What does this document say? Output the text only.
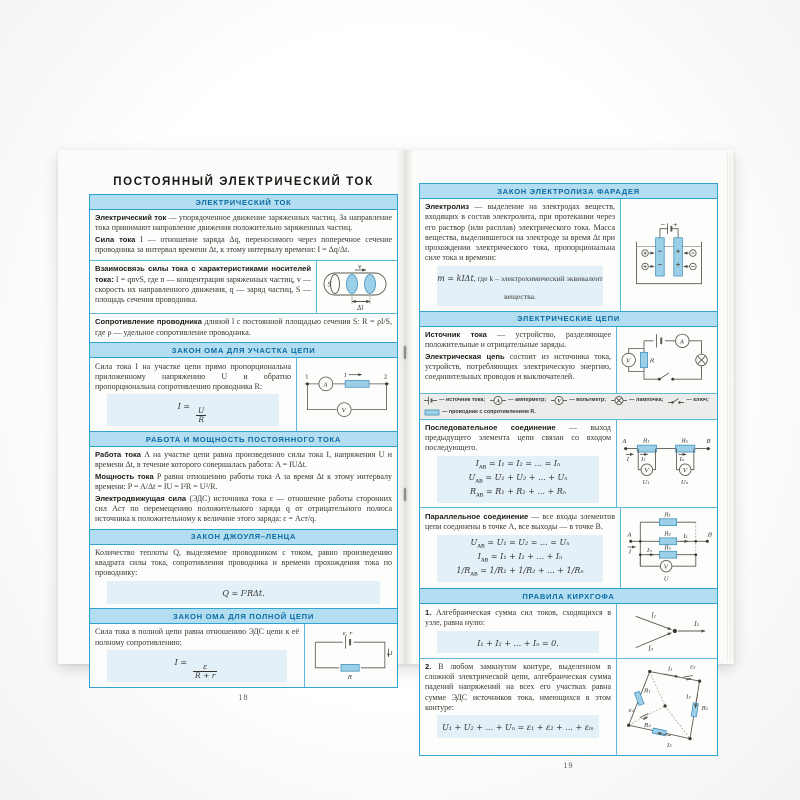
ПОСТОЯННЫЙ ЭЛЕКТРИЧЕСКИЙ ТОК
ЭЛЕКТРИЧЕСКИЙ ТОК

Электрический ток — упорядоченное движение заряженных частиц. За направление тока принимают направление движения положительно заряженных частиц.

Сила тока I — отношение заряда Δq, переносимого через поперечное сечение проводника за интервал времени Δt, к этому интервалу времени: I = Δq/Δt.

Взаимосвязь силы тока с характеристиками носителей тока: I = qnvS, где n — концентрация заряженных частиц, v — скорость их направленного движения, q — заряд частиц, S — площадь сечения проводника.

v
S
Δl

Сопротивление проводника длиной l с постоянной площадью сечения S: R = ρl/S, где ρ — удельное сопротивление проводника.

ЗАКОН ОМА ДЛЯ УЧАСТКА ЦЕПИ

Сила тока I на участке цепи прямо пропорциональна приложенному напряжению U и обратно пропорциональна сопротивлению проводника R:

I =
$\frac{U}{R}$
1	2
A
I
V
РАБОТА И МОЩНОСТЬ ПОСТОЯННОГО ТОКА

Работа тока A на участке цепи равна произведению силы тока I, напряжения U и времени Δt, в течение которого совершалась работа: A = IUΔt.

Мощность тока P равна отношению работы тока A за время Δt к этому интервалу времени: P = A/Δt = IU = I²R = U²/R.

Электродвижущая сила (ЭДС) источника тока ε — отношение работы сторонних сил Aст по перемещению положительного заряда q от отрицательного полюса источника к положительному к величине этого заряда: ε = Aст/q.

ЗАКОН ДЖОУЛЯ–ЛЕНЦА

Количество теплоты Q, выделяемое проводником с током, равно произведению квадрата силы тока, сопротивления проводника и времени прохождения тока по проводнику:

Q = I²RΔt.
ЗАКОН ОМА ДЛЯ ПОЛНОЙ ЦЕПИ

Сила тока в полной цепи равна отношению ЭДС цепи к её полному сопротивлению:

I =
$\frac{\varepsilon}{R + r}$
ε, r
I
R
18
ЗАКОН ЭЛЕКТРОЛИЗА ФАРАДЕЯ

Электролиз — выделение на электродах веществ, входящих в состав электролита, при протекании через его раствор (или расплав) электрического тока. Масса вещества, выделившегося на электроде за время Δt при прохождении электрического тока, пропорциональна силе тока и времени:

m = kIΔt, где k – электрохимический эквивалент вещества.
− +
ЭЛЕКТРИЧЕСКИЕ ЦЕПИ

Источник тока — устройство, разделяющее положительные и отрицательные заряды.

Электрическая цепь состоит из источника тока, устройств, потребляющих электрическую энергию, соединительных проводов и выключателей.

A
R
V
— источник тока; A — амперметр; V — вольтметр;	— лампочка;	— ключ;
— проводник с сопротивлением R.

Последовательное соединение — выход предыдущего элемента цепи связан со входом последующего.

$I_{AB} = I_1 = I_2$ = ... = Iₙ
$U_{AB} = U_1 + U_2$ + ... + Uₙ
$R_{AB} = R_1 + R_2$ + ... + Rₙ
A	B
R₁	Rₙ
I I₁	Iₙ
V
U₁
V
Uₙ

Параллельное соединение — все входы элементов цепи соединены в точке A, все выходы — в точке B.

$U_{AB} = U_1 = U_2$ = ... = Uₙ
$I_{AB} = I_1 + I_2$ + ... + Iₙ
$1/R_{AB} = 1/R_1 + 1/R_2$ + ... + 1/Rₙ
A	B
I
R₁
R₂ I₁
Rₙ
Iₙ
V
U
ПРАВИЛА КИРХГОФА

1. Алгебраическая сумма сил токов, сходящихся в узле, равна нулю:

I₁ + I₂ + ... + Iₙ = 0.
I₁
I₂
I₃

2. В любом замкнутом контуре, выделенном в сложной электрической цепи, алгебраическая сумма падений напряжений на всех его участках равна сумме ЭДС источников тока, имеющихся в этом контуре:

U₁ + U₂ + ... + Uₙ = ε₁ + ε₂ + ... + εₘ
R₁
R₂
R₃
I₁
I₂
I₃
ε₂
ε₁
19
